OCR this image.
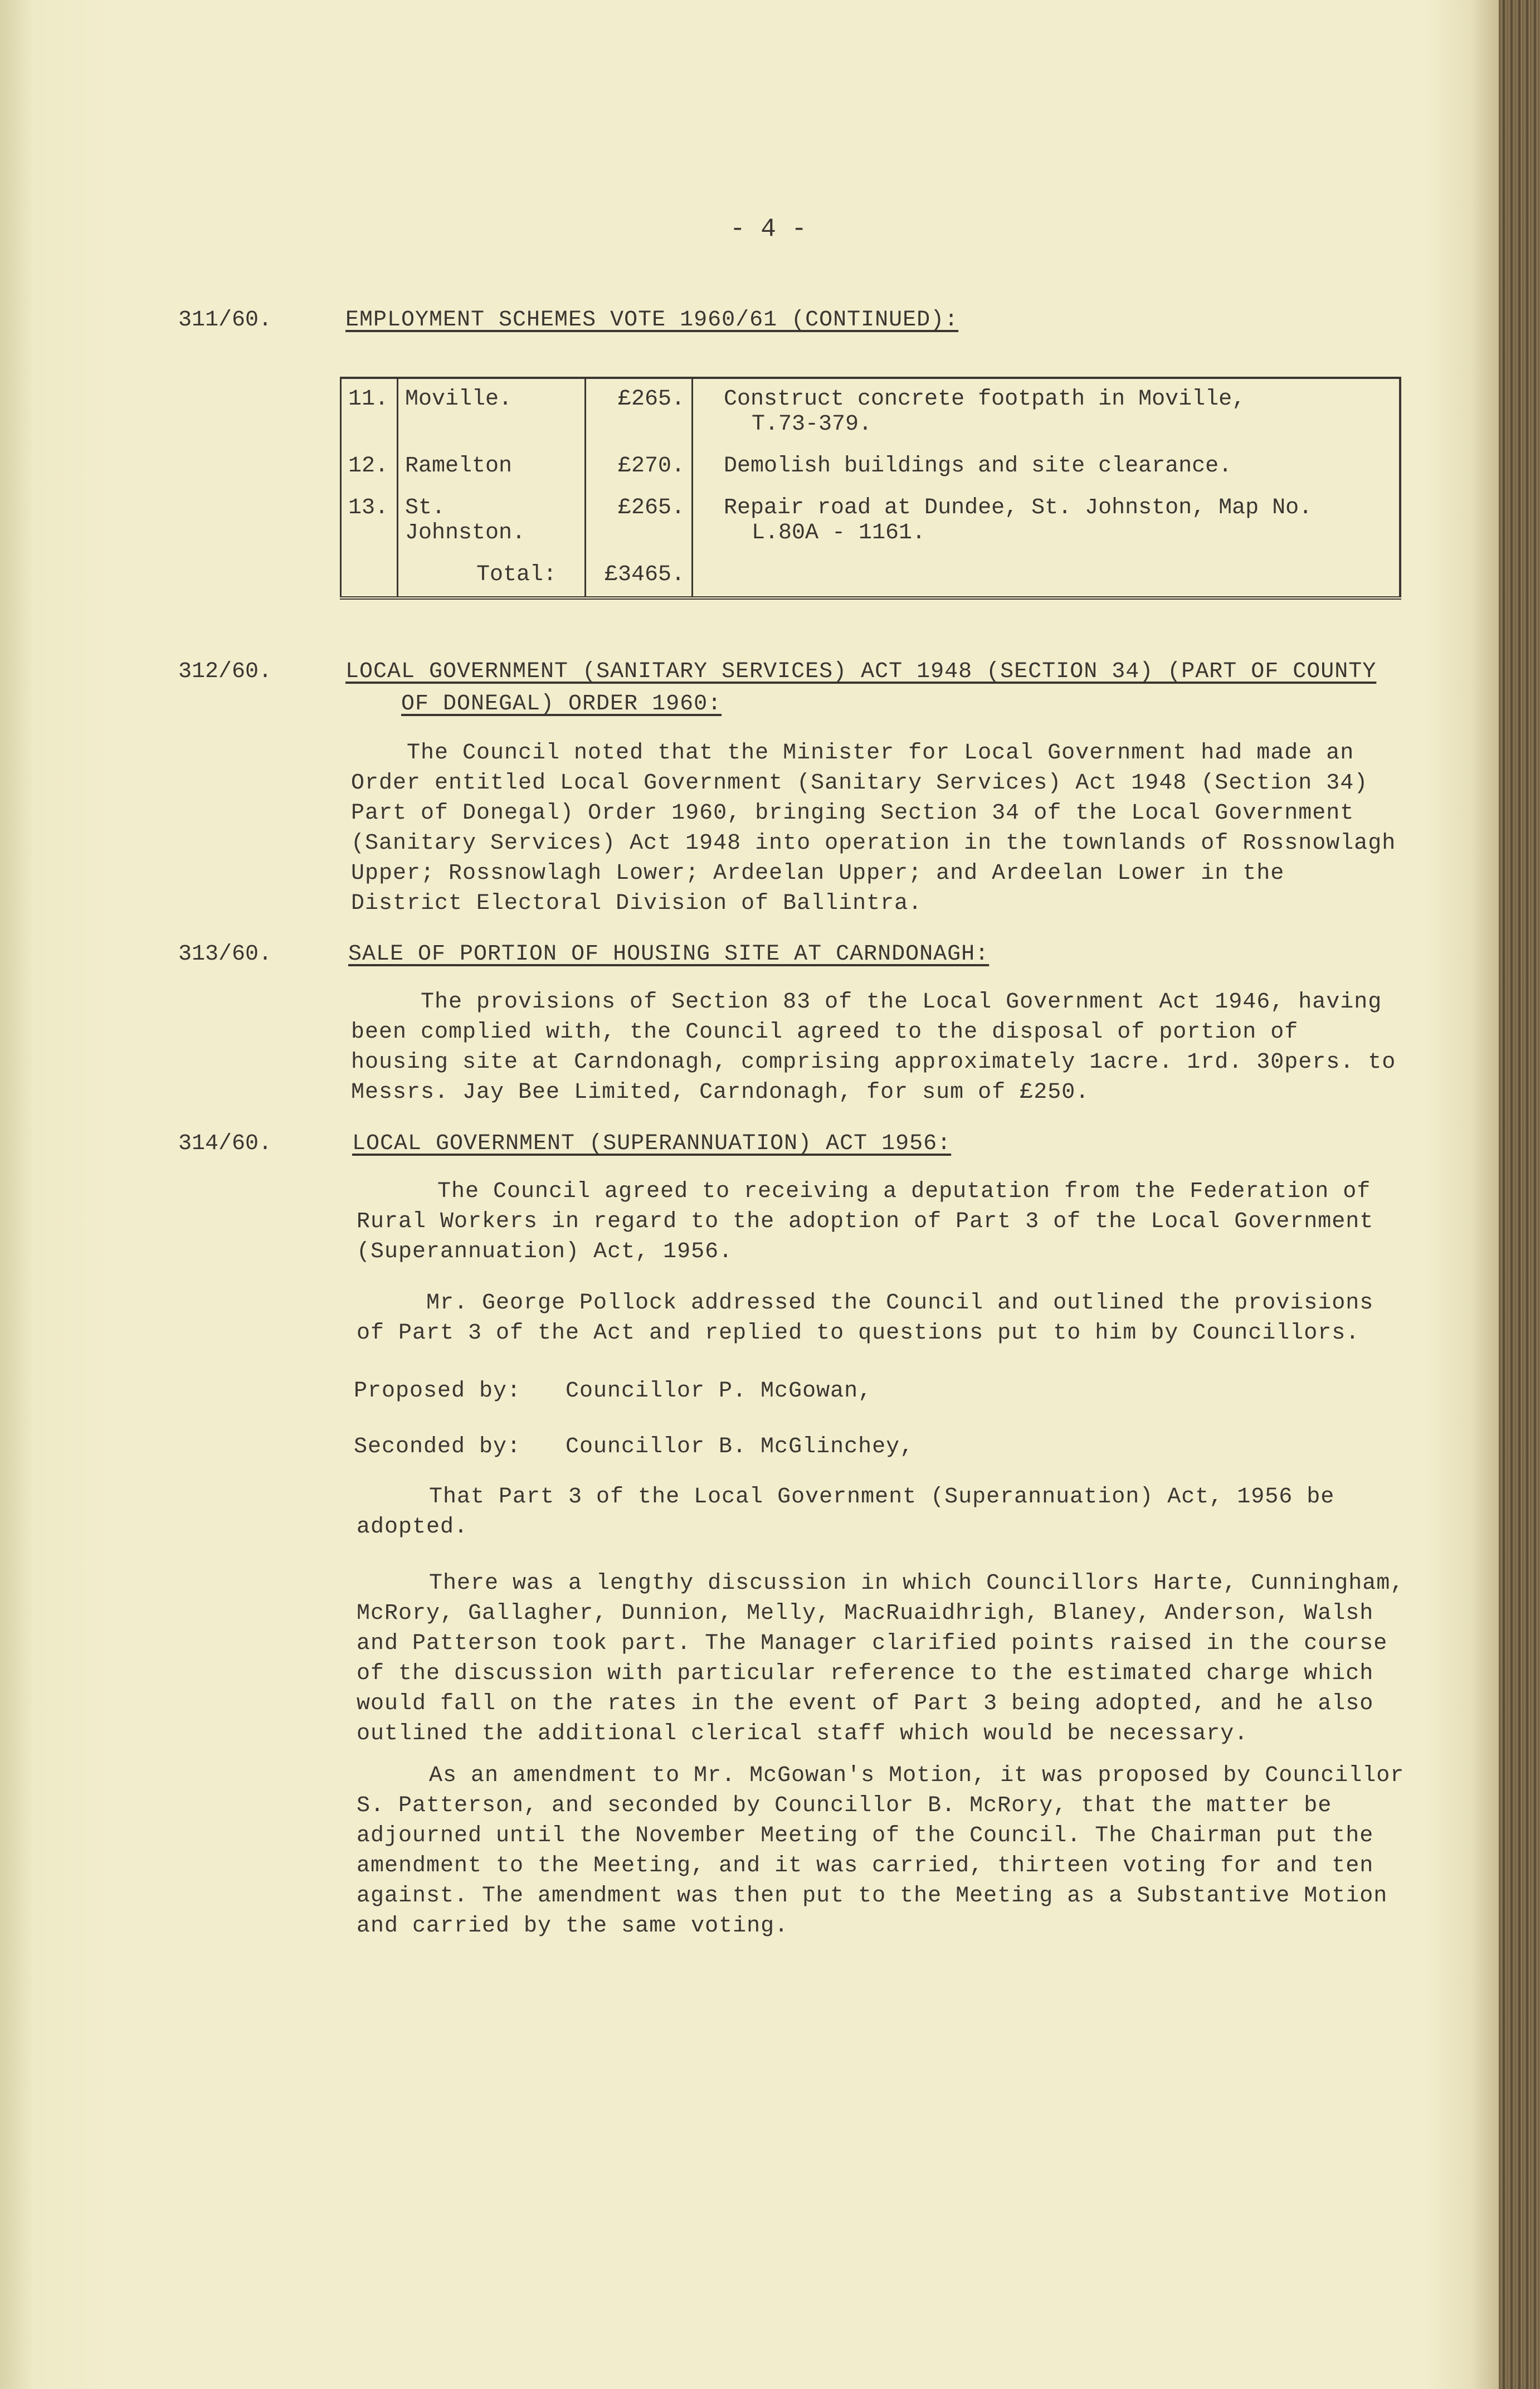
- 4 -
311/60.	EMPLOYMENT SCHEMES VOTE 1960/61 (CONTINUED):
11.	Moville.	£265.	Construct concrete footpath in Moville,
T.73-379.

12.	Ramelton	£270.	Demolish buildings and site clearance.
13.	St. Johnston.	£265.	Repair road at Dundee, St. Johnston, Map No.
L.80A - 1161.

	Total:	£3465.	
312/60.	LOCAL GOVERNMENT (SANITARY SERVICES) ACT 1948 (SECTION 34) (PART OF COUNTY
OF DONEGAL) ORDER 1960:

The Council noted that the Minister for Local Government had made an Order entitled Local Government (Sanitary Services) Act 1948 (Section 34) Part of Donegal) Order 1960, bringing Section 34 of the Local Government (Sanitary Services) Act 1948 into operation in the townlands of Rossnowlagh Upper; Rossnowlagh Lower; Ardeelan Upper; and Ardeelan Lower in the District Electoral Division of Ballintra.

313/60.	SALE OF PORTION OF HOUSING SITE AT CARNDONAGH:

The provisions of Section 83 of the Local Government Act 1946, having been complied with, the Council agreed to the disposal of portion of housing site at Carndonagh, comprising approximately 1acre. 1rd. 30pers. to Messrs. Jay Bee Limited, Carndonagh, for sum of £250.

314/60.	LOCAL GOVERNMENT (SUPERANNUATION) ACT 1956:

The Council agreed to receiving a deputation from the Federation of Rural Workers in regard to the adoption of Part 3 of the Local Government (Superannuation) Act, 1956.

Mr. George Pollock addressed the Council and outlined the provisions of Part 3 of the Act and replied to questions put to him by Councillors.

Proposed by: Councillor P. McGowan,
Seconded by: Councillor B. McGlinchey,

That Part 3 of the Local Government (Superannuation) Act, 1956 be adopted.

There was a lengthy discussion in which Councillors Harte, Cunningham, McRory, Gallagher, Dunnion, Melly, MacRuaidhrigh, Blaney, Anderson, Walsh and Patterson took part. The Manager clarified points raised in the course of the discussion with particular reference to the estimated charge which would fall on the rates in the event of Part 3 being adopted, and he also outlined the additional clerical staff which would be necessary.

As an amendment to Mr. McGowan's Motion, it was proposed by Councillor S. Patterson, and seconded by Councillor B. McRory, that the matter be adjourned until the November Meeting of the Council. The Chairman put the amendment to the Meeting, and it was carried, thirteen voting for and ten against. The amendment was then put to the Meeting as a Substantive Motion and carried by the same voting.
